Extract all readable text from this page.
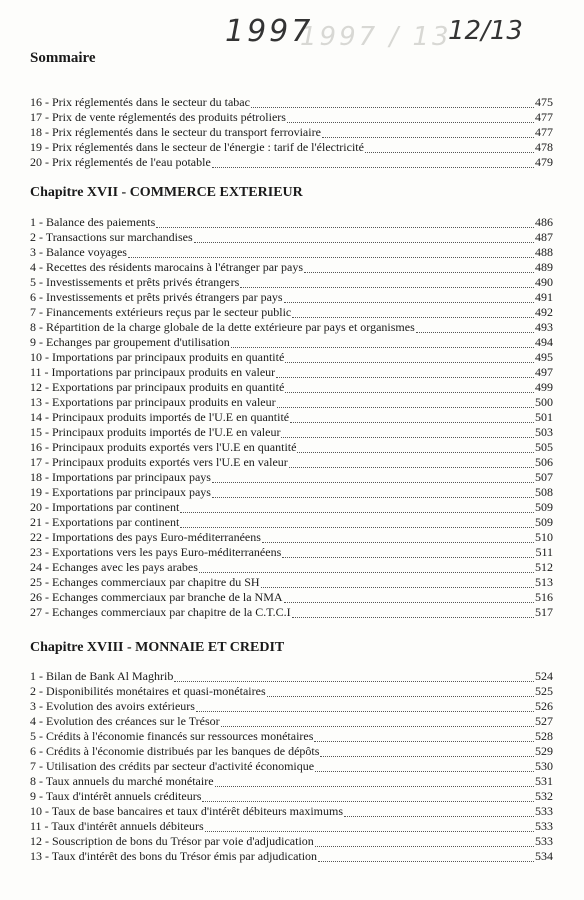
1997 / 13
1997	12/13
Sommaire
16 - Prix réglementés dans le secteur du tabac	475
17 - Prix de vente réglementés des produits pétroliers	477
18 - Prix réglementés dans le secteur du transport ferroviaire	477
19 - Prix réglementés dans le secteur de l'énergie : tarif de l'électricité	478
20 - Prix réglementés de l'eau potable	479
Chapitre XVII - COMMERCE EXTERIEUR
1 - Balance des paiements	486
2 - Transactions sur marchandises	487
3 - Balance voyages	488
4 - Recettes des résidents marocains à l'étranger par pays	489
5 - Investissements et prêts privés étrangers	490
6 - Investissements et prêts privés étrangers par pays	491
7 - Financements extérieurs reçus par le secteur public	492
8 - Répartition de la charge globale de la dette extérieure par pays et organismes	493
9 - Echanges par groupement d'utilisation	494
10 - Importations par principaux produits en quantité	495
11 - Importations par principaux produits en valeur	497
12 - Exportations par principaux produits en quantité	499
13 - Exportations par principaux produits en valeur	500
14 - Principaux produits importés de l'U.E en quantité	501
15 - Principaux produits importés de l'U.E en valeur	503
16 - Principaux produits exportés vers l'U.E en quantité	505
17 - Principaux produits exportés vers l'U.E en valeur	506
18 - Importations par principaux pays	507
19 - Exportations par principaux pays	508
20 - Importations par continent	509
21 - Exportations par continent	509
22 - Importations des pays Euro-méditerranéens	510
23 - Exportations vers les pays Euro-méditerranéens	511
24 - Echanges avec les pays arabes	512
25 - Echanges commerciaux par chapitre du SH	513
26 - Echanges commerciaux par branche de la NMA	516
27 - Echanges commerciaux par chapitre de la C.T.C.I	517
Chapitre XVIII - MONNAIE ET CREDIT
1 - Bilan de Bank Al Maghrib	524
2 - Disponibilités monétaires et quasi-monétaires	525
3 - Evolution des avoirs extérieurs	526
4 - Evolution des créances sur le Trésor	527
5 - Crédits à l'économie financés sur ressources monétaires	528
6 - Crédits à l'économie distribués par les banques de dépôts	529
7 - Utilisation des crédits par secteur d'activité économique	530
8 - Taux annuels du marché monétaire	531
9 - Taux d'intérêt annuels créditeurs	532
10 - Taux de base bancaires et taux d'intérêt débiteurs maximums	533
11 - Taux d'intérêt annuels débiteurs	533
12 - Souscription de bons du Trésor par voie d'adjudication	533
13 - Taux d'intérêt des bons du Trésor émis par adjudication	534
